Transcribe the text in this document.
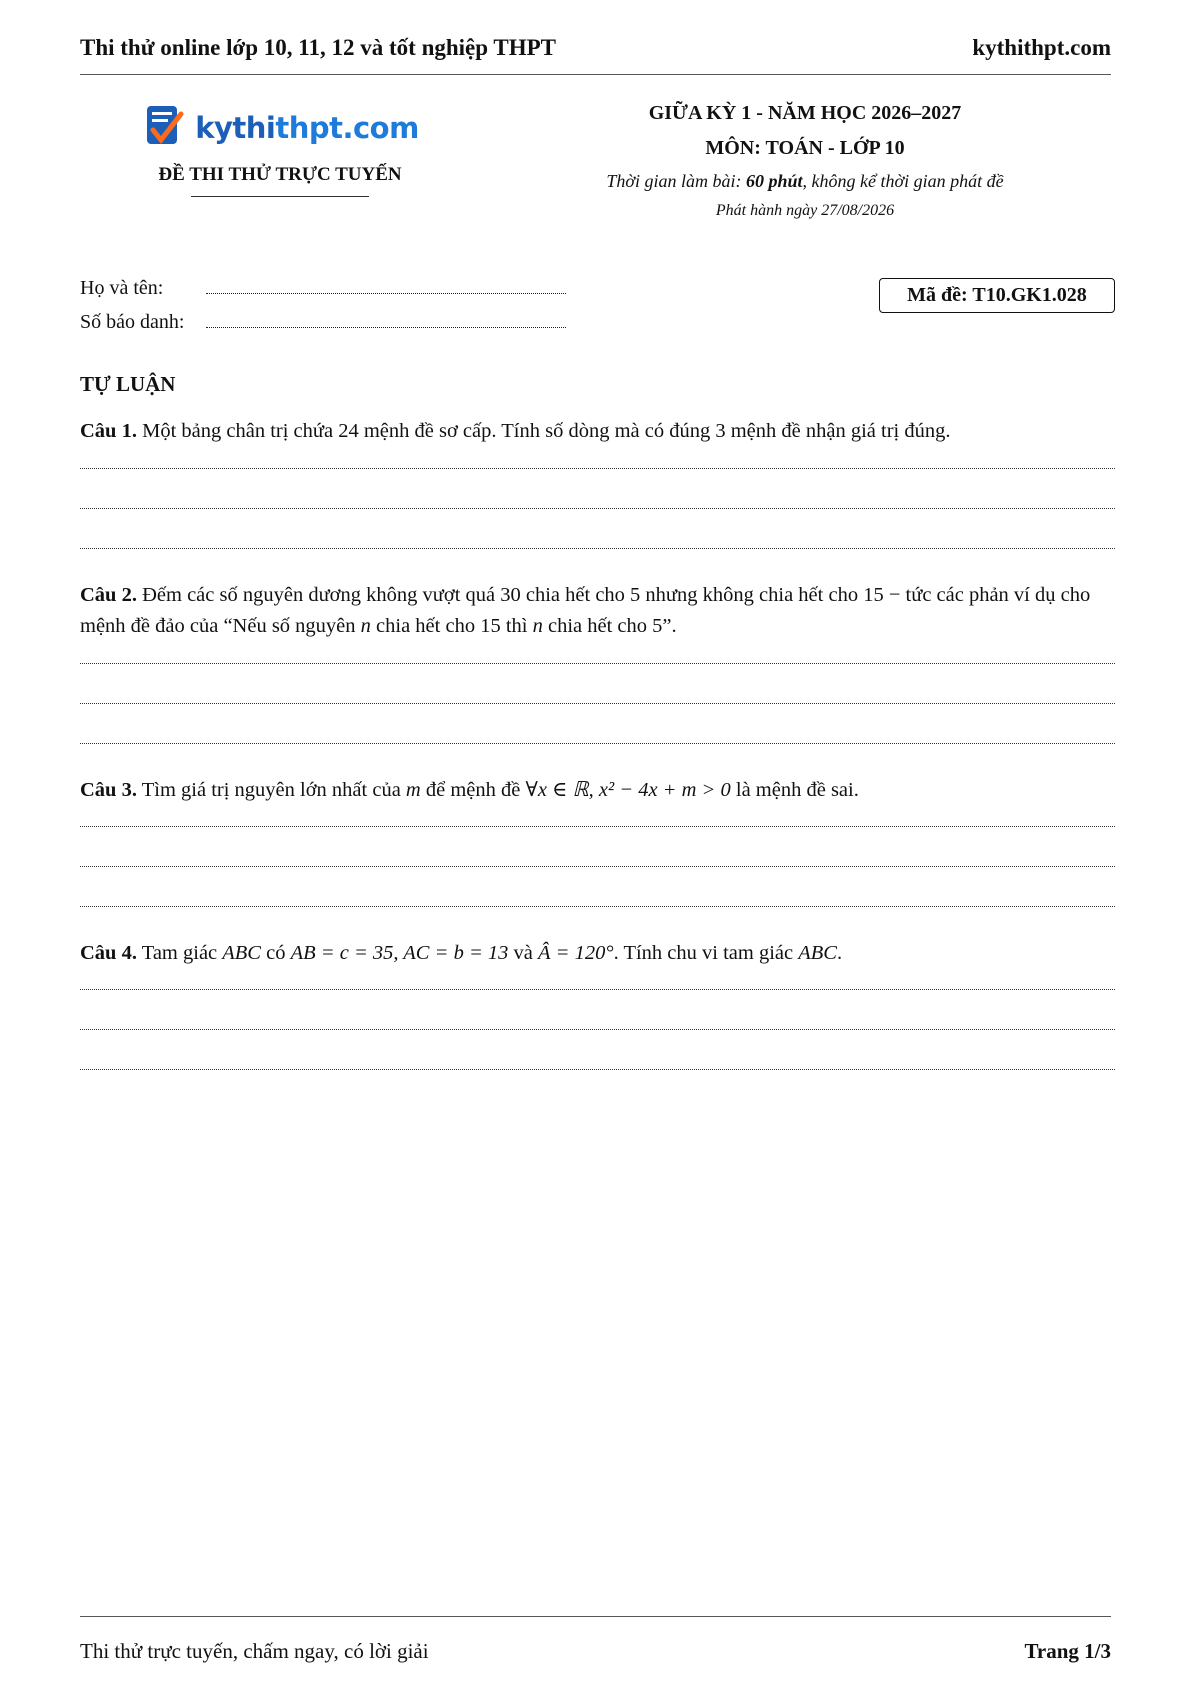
Thi thử online lớp 10, 11, 12 và tốt nghiệp THPT	kythithpt.com
kythithpt.com
ĐỀ THI THỬ TRỰC TUYẾN
GIỮA KỲ 1 - NĂM HỌC 2026–2027
MÔN: TOÁN - LỚP 10
Thời gian làm bài: 60 phút, không kể thời gian phát đề
Phát hành ngày 27/08/2026
Họ và tên:
Số báo danh:
Mã đề: T10.GK1.028
TỰ LUẬN
Câu 1. Một bảng chân trị chứa 24 mệnh đề sơ cấp. Tính số dòng mà có đúng 3 mệnh đề nhận giá trị đúng.
Câu 2. Đếm các số nguyên dương không vượt quá 30 chia hết cho 5 nhưng không chia hết cho 15 − tức các phản ví dụ cho mệnh đề đảo của “Nếu số nguyên n chia hết cho 15 thì n chia hết cho 5”.
Câu 3. Tìm giá trị nguyên lớn nhất của m để mệnh đề ∀x ∈ ℝ, x² − 4x + m > 0 là mệnh đề sai.
Câu 4. Tam giác ABC có AB = c = 35, AC = b = 13 và Â = 120°. Tính chu vi tam giác ABC.
Thi thử trực tuyến, chấm ngay, có lời giải	Trang 1/3
